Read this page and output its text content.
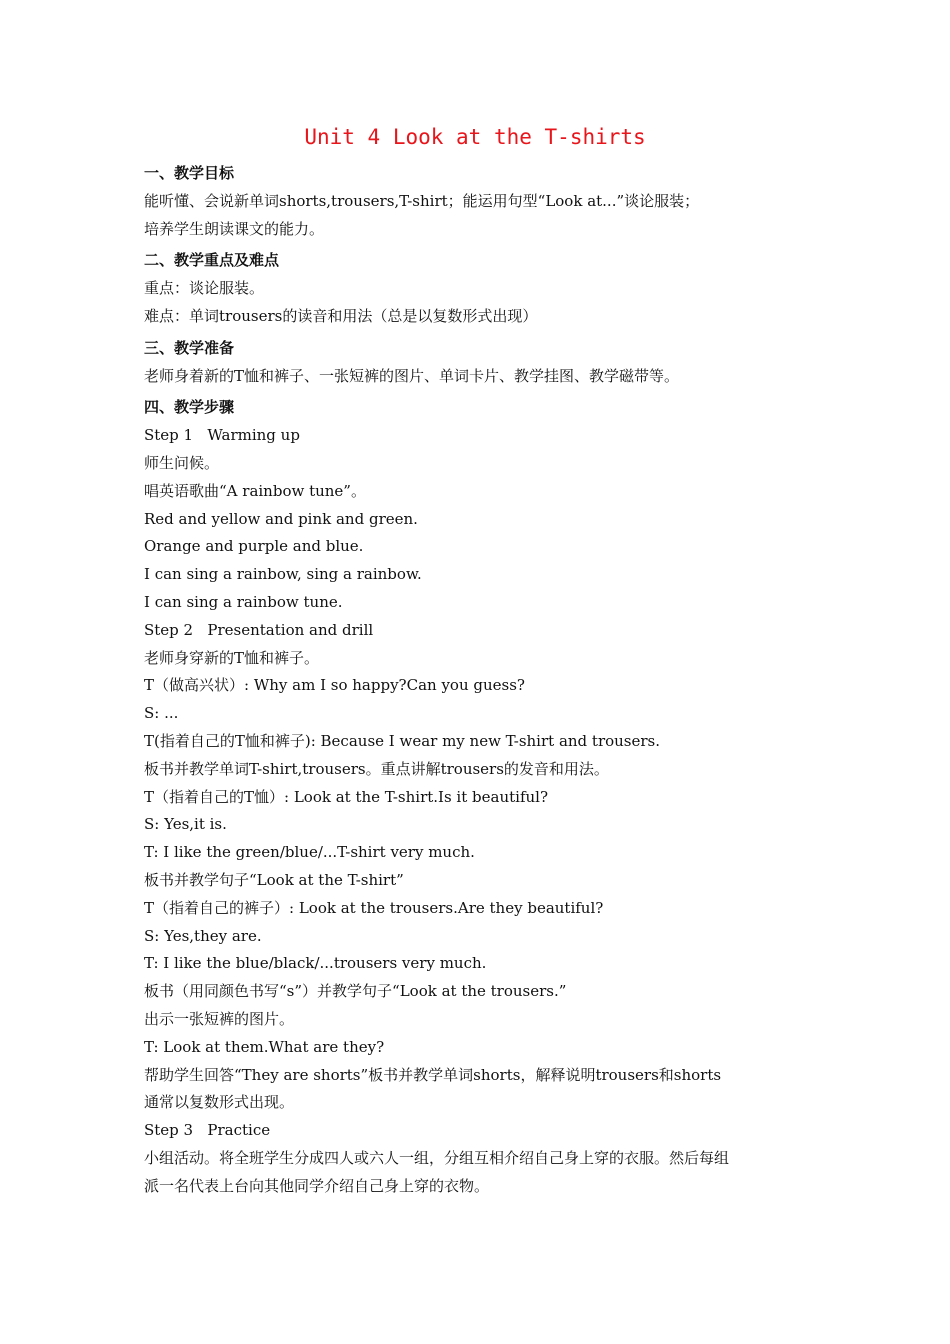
Unit 4 Look at the T-shirts
一、教学目标
能听懂、会说新单词shorts,trousers,T-shirt；能运用句型“Look at...”谈论服装；
培养学生朗读课文的能力。
二、教学重点及难点
重点：谈论服装。
难点：单词trousers的读音和用法（总是以复数形式出现）
三、教学准备
老师身着新的T恤和裤子、一张短裤的图片、单词卡片、教学挂图、教学磁带等。
四、教学步骤
Step 1   Warming up
师生问候。
唱英语歌曲“A rainbow tune”。
Red and yellow and pink and green.
Orange and purple and blue.
I can sing a rainbow, sing a rainbow.
I can sing a rainbow tune.
Step 2   Presentation and drill
老师身穿新的T恤和裤子。
T（做高兴状）: Why am I so happy?Can you guess?
S: ...
T(指着自己的T恤和裤子): Because I wear my new T-shirt and trousers.
板书并教学单词T-shirt,trousers。重点讲解trousers的发音和用法。
T（指着自己的T恤）: Look at the T-shirt.Is it beautiful?
S: Yes,it is.
T: I like the green/blue/...T-shirt very much.
板书并教学句子“Look at the T-shirt”
T（指着自己的裤子）: Look at the trousers.Are they beautiful?
S: Yes,they are.
T: I like the blue/black/...trousers very much.
板书（用同颜色书写“s”）并教学句子“Look at the trousers.”
出示一张短裤的图片。
T: Look at them.What are they?
帮助学生回答“They are shorts”板书并教学单词shorts，解释说明trousers和shorts
通常以复数形式出现。
Step 3   Practice
小组活动。将全班学生分成四人或六人一组，分组互相介绍自己身上穿的衣服。然后每组
派一名代表上台向其他同学介绍自己身上穿的衣物。
